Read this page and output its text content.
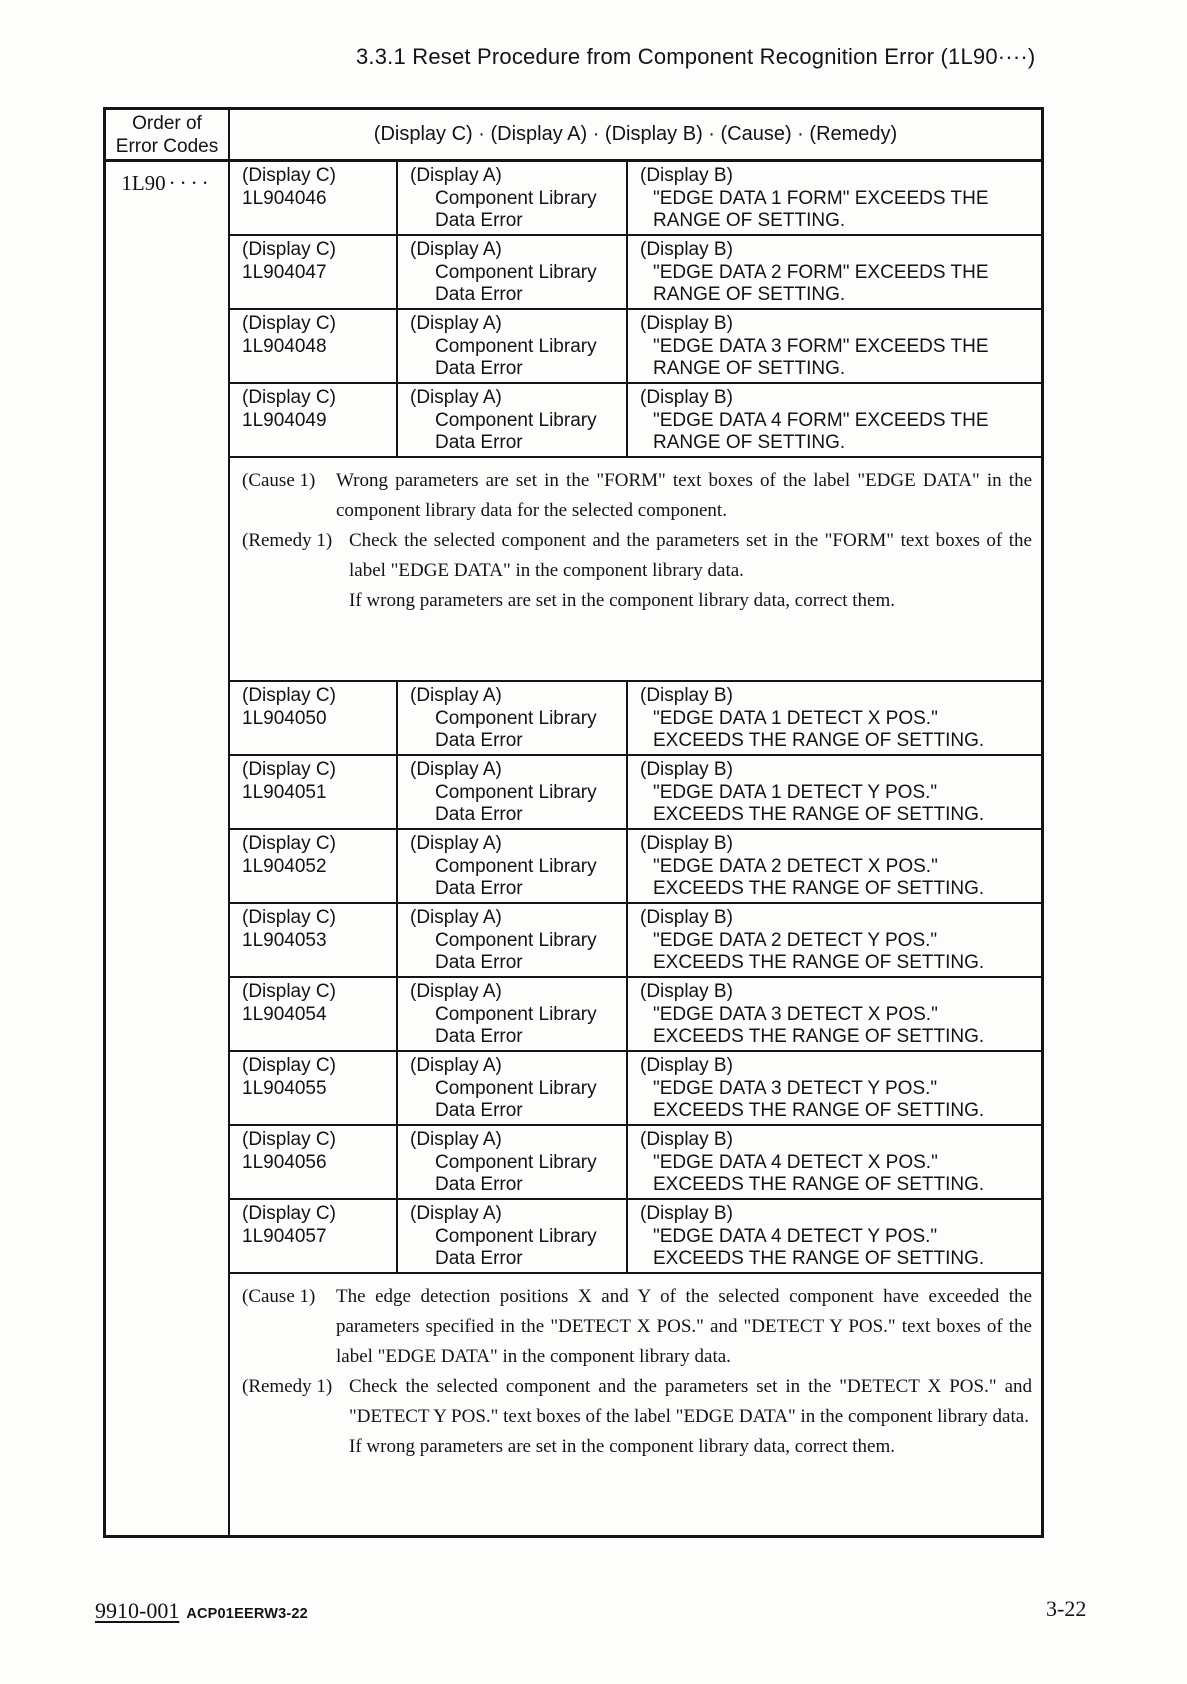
3.3.1 Reset Procedure from Component Recognition Error (1L90····)
Order of
Error Codes
(Display C) · (Display A) · (Display B) · (Cause) · (Remedy)
1L90 ····	(Display C)
1L904046
(Display A)
Component Library
Data Error
(Display B)
"EDGE DATA 1 FORM" EXCEEDS THE
RANGE OF SETTING.
(Display C)
1L904047
(Display A)
Component Library
Data Error
(Display B)
"EDGE DATA 2 FORM" EXCEEDS THE
RANGE OF SETTING.
(Display C)
1L904048
(Display A)
Component Library
Data Error
(Display B)
"EDGE DATA 3 FORM" EXCEEDS THE
RANGE OF SETTING.
(Display C)
1L904049
(Display A)
Component Library
Data Error
(Display B)
"EDGE DATA 4 FORM" EXCEEDS THE
RANGE OF SETTING.

(Cause 1) Wrong parameters are set in the "FORM" text boxes of the label "EDGE DATA" in the component library data for the selected component.

(Remedy 1) Check the selected component and the parameters set in the "FORM" text boxes of the label "EDGE DATA" in the component library data.

If wrong parameters are set in the component library data, correct them.

(Display C)
1L904050
(Display A)
Component Library
Data Error
(Display B)
"EDGE DATA 1 DETECT X POS."
EXCEEDS THE RANGE OF SETTING.
(Display C)
1L904051
(Display A)
Component Library
Data Error
(Display B)
"EDGE DATA 1 DETECT Y POS."
EXCEEDS THE RANGE OF SETTING.
(Display C)
1L904052
(Display A)
Component Library
Data Error
(Display B)
"EDGE DATA 2 DETECT X POS."
EXCEEDS THE RANGE OF SETTING.
(Display C)
1L904053
(Display A)
Component Library
Data Error
(Display B)
"EDGE DATA 2 DETECT Y POS."
EXCEEDS THE RANGE OF SETTING.
(Display C)
1L904054
(Display A)
Component Library
Data Error
(Display B)
"EDGE DATA 3 DETECT X POS."
EXCEEDS THE RANGE OF SETTING.
(Display C)
1L904055
(Display A)
Component Library
Data Error
(Display B)
"EDGE DATA 3 DETECT Y POS."
EXCEEDS THE RANGE OF SETTING.
(Display C)
1L904056
(Display A)
Component Library
Data Error
(Display B)
"EDGE DATA 4 DETECT X POS."
EXCEEDS THE RANGE OF SETTING.
(Display C)
1L904057
(Display A)
Component Library
Data Error
(Display B)
"EDGE DATA 4 DETECT Y POS."
EXCEEDS THE RANGE OF SETTING.

(Cause 1) The edge detection positions X and Y of the selected component have exceeded the parameters specified in the "DETECT X POS." and "DETECT Y POS." text boxes of the label "EDGE DATA" in the component library data.

(Remedy 1) Check the selected component and the parameters set in the "DETECT X POS." and "DETECT Y POS." text boxes of the label "EDGE DATA" in the component library data.

If wrong parameters are set in the component library data, correct them.

9910-001 ACP01EERW3-22	3-22
